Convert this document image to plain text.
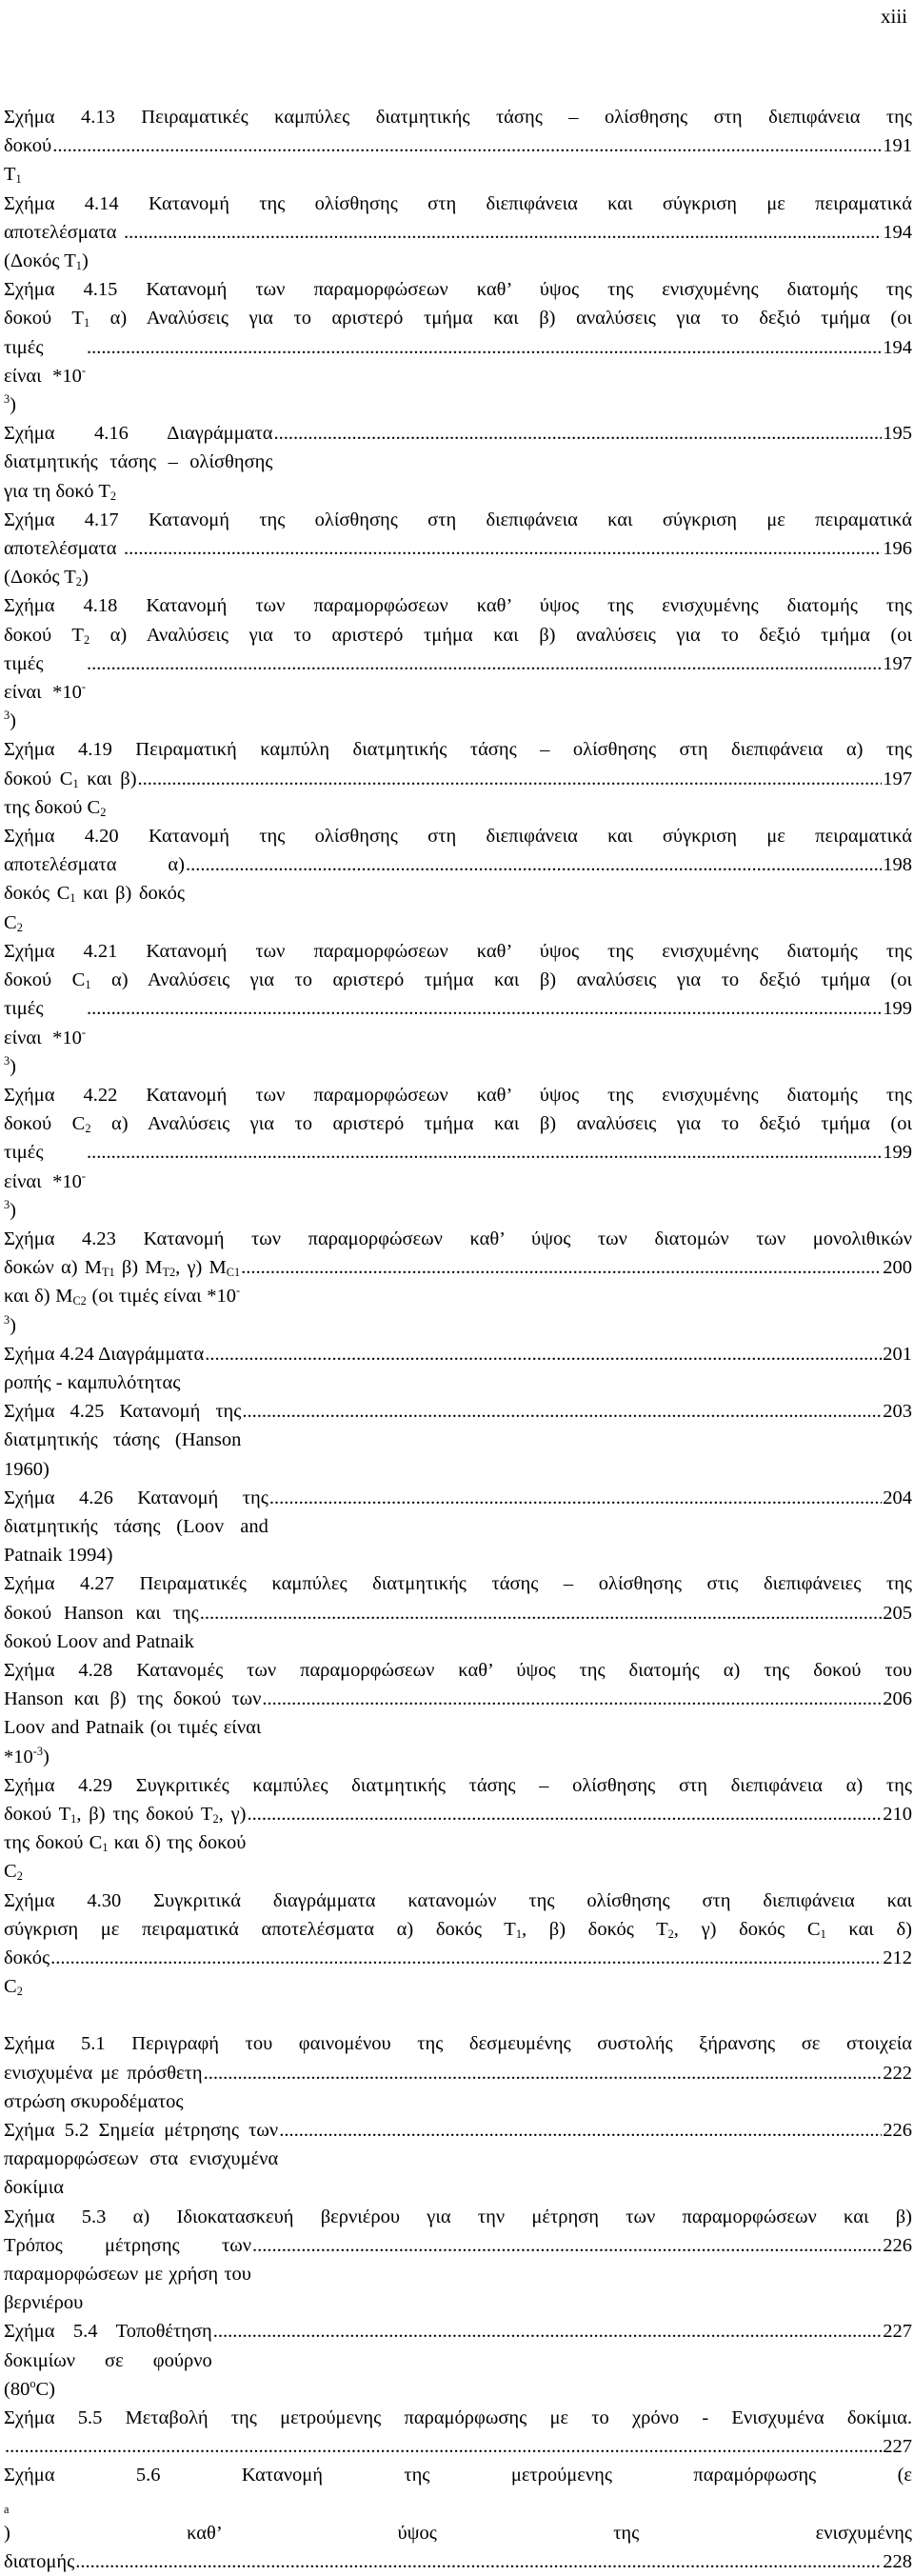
xiii
Σχήμα 4.13 Πειραματικές καμπύλες διατμητικής τάσης – ολίσθησης στη διεπιφάνεια της
δοκού $T_1$
.....
191
Σχήμα 4.14 Κατανομή της ολίσθησης στη διεπιφάνεια και σύγκριση με πειραματικά
αποτελέσματα (Δοκός $T_1$)
.....
194
Σχήμα 4.15 Κατανομή των παραμορφώσεων καθ’ ύψος της ενισχυμένης διατομής της
δοκού $T_1$ α) Αναλύσεις για το αριστερό τμήμα και β) αναλύσεις για το δεξιό τμήμα (οι
τιμές είναι $*10^{-3}$)
.....
194
Σχήμα 4.16 Διαγράμματα διατμητικής τάσης – ολίσθησης για τη δοκό $T_2$
.....
195
Σχήμα 4.17 Κατανομή της ολίσθησης στη διεπιφάνεια και σύγκριση με πειραματικά
αποτελέσματα (Δοκός $T_2$)
.....
196
Σχήμα 4.18 Κατανομή των παραμορφώσεων καθ’ ύψος της ενισχυμένης διατομής της
δοκού $T_2$ α) Αναλύσεις για το αριστερό τμήμα και β) αναλύσεις για το δεξιό τμήμα (οι
τιμές είναι $*10^{-3}$)
.....
197
Σχήμα 4.19 Πειραματική καμπύλη διατμητικής τάσης – ολίσθησης στη διεπιφάνεια α) της
δοκού $C_1$ και β) της δοκού $C_2$
.....
197
Σχήμα 4.20 Κατανομή της ολίσθησης στη διεπιφάνεια και σύγκριση με πειραματικά
αποτελέσματα α) δοκός $C_1$ και β) δοκός $C_2$
.....
198
Σχήμα 4.21 Κατανομή των παραμορφώσεων καθ’ ύψος της ενισχυμένης διατομής της
δοκού $C_1$ α) Αναλύσεις για το αριστερό τμήμα και β) αναλύσεις για το δεξιό τμήμα (οι
τιμές είναι $*10^{-3}$)
.....
199
Σχήμα 4.22 Κατανομή των παραμορφώσεων καθ’ ύψος της ενισχυμένης διατομής της
δοκού $C_2$ α) Αναλύσεις για το αριστερό τμήμα και β) αναλύσεις για το δεξιό τμήμα (οι
τιμές είναι $*10^{-3}$)
.....
199
Σχήμα 4.23 Κατανομή των παραμορφώσεων καθ’ ύψος των διατομών των μονολιθικών
δοκών α) $M_{T1}$ β) $M_{T2}$, γ) $M_{C1}$ και δ) $M_{C2}$ (οι τιμές είναι $*10^{-3}$)
.....
200
Σχήμα 4.24 Διαγράμματα ροπής - καμπυλότητας
.....
201
Σχήμα 4.25 Κατανομή της διατμητικής τάσης (Hanson 1960)
.....
203
Σχήμα 4.26 Κατανομή της διατμητικής τάσης (Loov and Patnaik 1994)
.....
204
Σχήμα 4.27 Πειραματικές καμπύλες διατμητικής τάσης – ολίσθησης στις διεπιφάνειες της
δοκού Hanson και της δοκού Loov and Patnaik
.....
205
Σχήμα 4.28 Κατανομές των παραμορφώσεων καθ’ ύψος της διατομής α) της δοκού του
Hanson και β) της δοκού των Loov and Patnaik (οι τιμές είναι $*10^{-3}$)
.....
206
Σχήμα 4.29 Συγκριτικές καμπύλες διατμητικής τάσης – ολίσθησης στη διεπιφάνεια α) της
δοκού $T_1$, β) της δοκού $T_2$, γ) της δοκού $C_1$ και δ) της δοκού $C_2$
.....
210
Σχήμα 4.30 Συγκριτικά διαγράμματα κατανομών της ολίσθησης στη διεπιφάνεια και
σύγκριση με πειραματικά αποτελέσματα α) δοκός $T_1$, β) δοκός $T_2$, γ) δοκός $C_1$ και δ)
δοκός $C_2$
.....
212
Σχήμα 5.1 Περιγραφή του φαινομένου της δεσμευμένης συστολής ξήρανσης σε στοιχεία
ενισχυμένα με πρόσθετη στρώση σκυροδέματος
.....
222
Σχήμα 5.2 Σημεία μέτρησης των παραμορφώσεων στα ενισχυμένα δοκίμια
.....
226
Σχήμα 5.3 α) Ιδιοκατασκευή βερνιέρου για την μέτρηση των παραμορφώσεων και β)
Τρόπος μέτρησης των παραμορφώσεων με χρήση του βερνιέρου
.....
226
Σχήμα 5.4 Τοποθέτηση δοκιμίων σε φούρνο $(80^oC)$
.....
227
Σχήμα 5.5 Μεταβολή της μετρούμενης παραμόρφωσης με το χρόνο - Ενισχυμένα δοκίμια.
.....
227
Σχήμα 5.6 Κατανομή της μετρούμενης παραμόρφωσης (ε
$_a$
) καθ’ ύψος της ενισχυμένης
διατομής
.....	228
